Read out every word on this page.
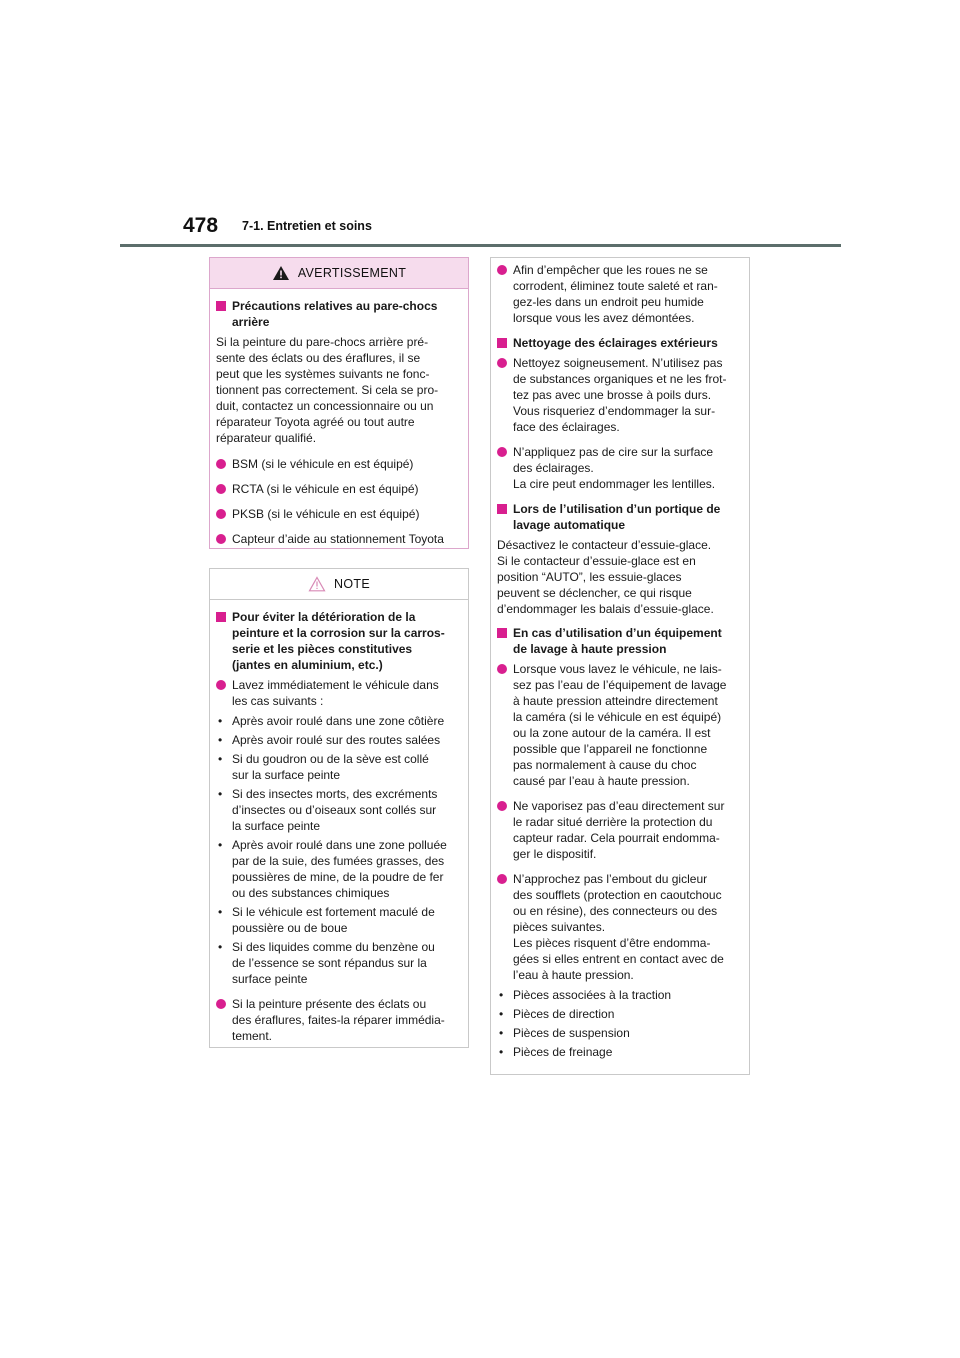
478 7-1. Entretien et soins
AVERTISSEMENT
Précautions relatives au pare-chocs
arrière
Si la peinture du pare-chocs arrière pré-
sente des éclats ou des éraflures, il se
peut que les systèmes suivants ne fonc-
tionnent pas correctement. Si cela se pro-
duit, contactez un concessionnaire ou un
réparateur Toyota agréé ou tout autre
réparateur qualifié.
BSM (si le véhicule en est équipé)
RCTA (si le véhicule en est équipé)
PKSB (si le véhicule en est équipé)
Capteur d’aide au stationnement Toyota
NOTE
Pour éviter la détérioration de la
peinture et la corrosion sur la carros-
serie et les pièces constitutives
(jantes en aluminium, etc.)
Lavez immédiatement le véhicule dans
les cas suivants :
• Après avoir roulé dans une zone côtière
• Après avoir roulé sur des routes salées
• Si du goudron ou de la sève est collé
sur la surface peinte
• Si des insectes morts, des excréments
d’insectes ou d’oiseaux sont collés sur
la surface peinte
• Après avoir roulé dans une zone polluée
par de la suie, des fumées grasses, des
poussières de mine, de la poudre de fer
ou des substances chimiques
• Si le véhicule est fortement maculé de
poussière ou de boue
• Si des liquides comme du benzène ou
de l’essence se sont répandus sur la
surface peinte
Si la peinture présente des éclats ou
des éraflures, faites-la réparer immédia-
tement.
Afin d’empêcher que les roues ne se
corrodent, éliminez toute saleté et ran-
gez-les dans un endroit peu humide
lorsque vous les avez démontées.
Nettoyage des éclairages extérieurs
Nettoyez soigneusement. N’utilisez pas
de substances organiques et ne les frot-
tez pas avec une brosse à poils durs.
Vous risqueriez d’endommager la sur-
face des éclairages.
N’appliquez pas de cire sur la surface
des éclairages.
La cire peut endommager les lentilles.
Lors de l’utilisation d’un portique de
lavage automatique
Désactivez le contacteur d’essuie-glace.
Si le contacteur d’essuie-glace est en
position “AUTO”, les essuie-glaces
peuvent se déclencher, ce qui risque
d’endommager les balais d’essuie-glace.
En cas d’utilisation d’un équipement
de lavage à haute pression
Lorsque vous lavez le véhicule, ne lais-
sez pas l’eau de l’équipement de lavage
à haute pression atteindre directement
la caméra (si le véhicule en est équipé)
ou la zone autour de la caméra. Il est
possible que l’appareil ne fonctionne
pas normalement à cause du choc
causé par l’eau à haute pression.
Ne vaporisez pas d’eau directement sur
le radar situé derrière la protection du
capteur radar. Cela pourrait endomma-
ger le dispositif.
N’approchez pas l’embout du gicleur
des soufflets (protection en caoutchouc
ou en résine), des connecteurs ou des
pièces suivantes.
Les pièces risquent d’être endomma-
gées si elles entrent en contact avec de
l’eau à haute pression.
• Pièces associées à la traction
• Pièces de direction
• Pièces de suspension
• Pièces de freinage
